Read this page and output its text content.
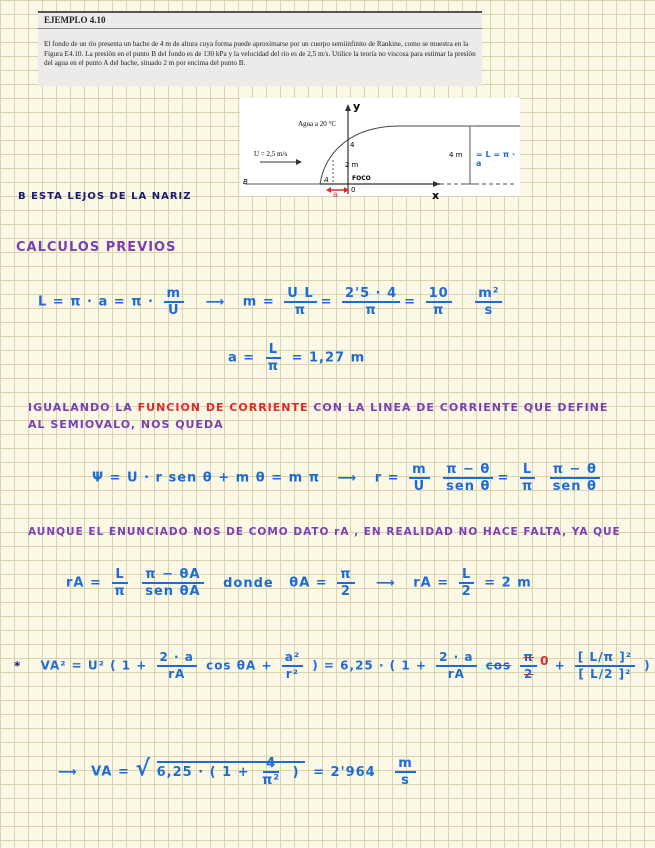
EJEMPLO 4.10
El fondo de un río presenta un bache de 4 m de altura cuya forma puede aproximarse por un cuerpo semiinfinito de Rankine, como se muestra en la Figura E4.10. La presión en el punto B del fondo es de 130 kPa y la velocidad del río es de 2,5 m/s. Utilice la teoría no viscosa para estimar la presión del agua en el punto A del bache, situado 2 m por encima del punto B.
Agua a 20 °C
U = 2,5 m/s
y
x
B	A
0
4
2 m
FOCO
4 m = L = π · a
a
B ESTA LEJOS DE LA NARIZ
CALCULOS PREVIOS
$L = \pi \cdot a = \pi \cdot \frac{m}{U}$ ⟶ $m = \frac{\text{U L}}{\pi} = \frac{2'5 \cdot 4}{\pi} = \frac{10}{\pi}$
$\frac{\text{m²}}{s}$
$a = \frac{L}{\pi} = 1,27$ m
IGUALANDO LA FUNCION DE CORRIENTE CON LA LINEA DE CORRIENTE QUE DEFINE
AL SEMIOVALO, NOS QUEDA
Ψ = U · r sen θ + m θ = m π ⟶ $r = \frac{m}{U}$
$\frac{\pi - \theta}{\text{sen θ}} = \frac{L}{\pi}$
$\frac{\pi - \theta}{\text{sen θ}}$
AUNQUE EL ENUNCIADO NOS DE COMO DATO rA , EN REALIDAD NO HACE FALTA, YA QUE
rA = $\frac{L}{\pi}$
$\frac{\pi - \theta A}{\text{sen θA}}$ donde $\theta A = \frac{\pi}{2}$ ⟶ rA = $\frac{L}{2} = 2$ m
* VA² = U² ( $1 + \frac{2 \cdot a}{rA}$ $\cos \theta A + \frac{\text{a²}}{\text{r²}}$ ) = 6,25 · ( $1 + \frac{2 \cdot a}{rA}$ $\cos \frac{\pi}{2} ^0 + \frac{\text{[ L/π ]²}}{\text{[ L/2 ]²}}$ )
⟶ VA = √ 6,25 · ( $1 + \frac{4}{\text{π²}}$ ) = $2'964 \frac{m}{s}$
